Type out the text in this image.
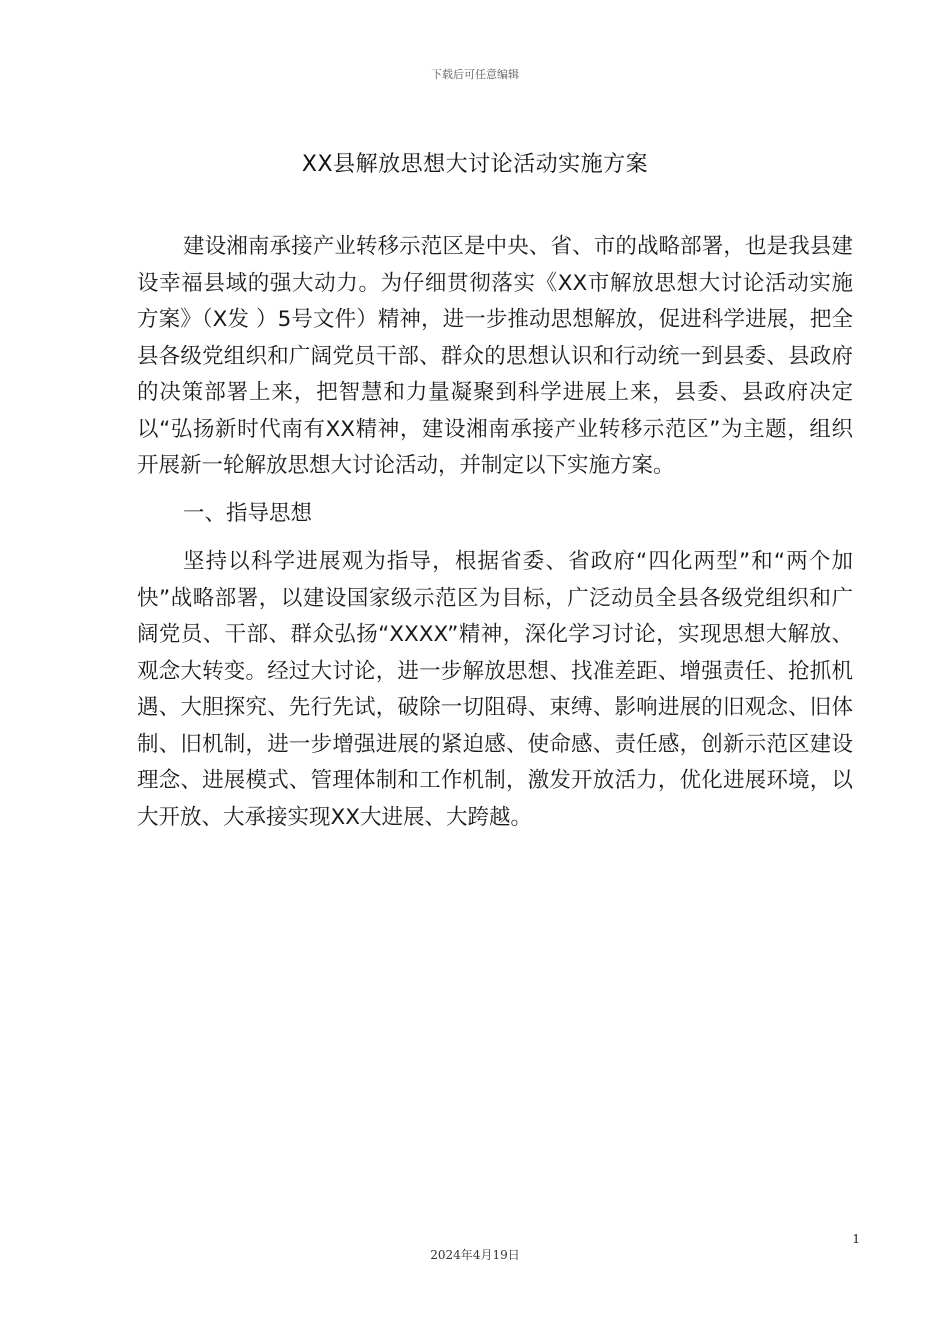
下载后可任意编辑
XX县解放思想大讨论活动实施方案

建设湘南承接产业转移示范区是中央、省、市的战略部署，也是我县建设幸福县域的强大动力。为仔细贯彻落实《XX市解放思想大讨论活动实施方案》（X发 ）5号文件）精神，进一步推动思想解放，促进科学进展，把全县各级党组织和广阔党员干部、群众的思想认识和行动统一到县委、县政府的决策部署上来，把智慧和力量凝聚到科学进展上来，县委、县政府决定以“弘扬新时代南有XX精神，建设湘南承接产业转移示范区”为主题，组织开展新一轮解放思想大讨论活动，并制定以下实施方案。

一、指导思想

坚持以科学进展观为指导，根据省委、省政府“四化两型”和“两个加快”战略部署，以建设国家级示范区为目标，广泛动员全县各级党组织和广阔党员、干部、群众弘扬“XXXX”精神，深化学习讨论，实现思想大解放、观念大转变。经过大讨论，进一步解放思想、找准差距、增强责任、抢抓机遇、大胆探究、先行先试，破除一切阻碍、束缚、影响进展的旧观念、旧体制、旧机制，进一步增强进展的紧迫感、使命感、责任感，创新示范区建设理念、进展模式、管理体制和工作机制，激发开放活力，优化进展环境，以大开放、大承接实现XX大进展、大跨越。

1
2024年4月19日
